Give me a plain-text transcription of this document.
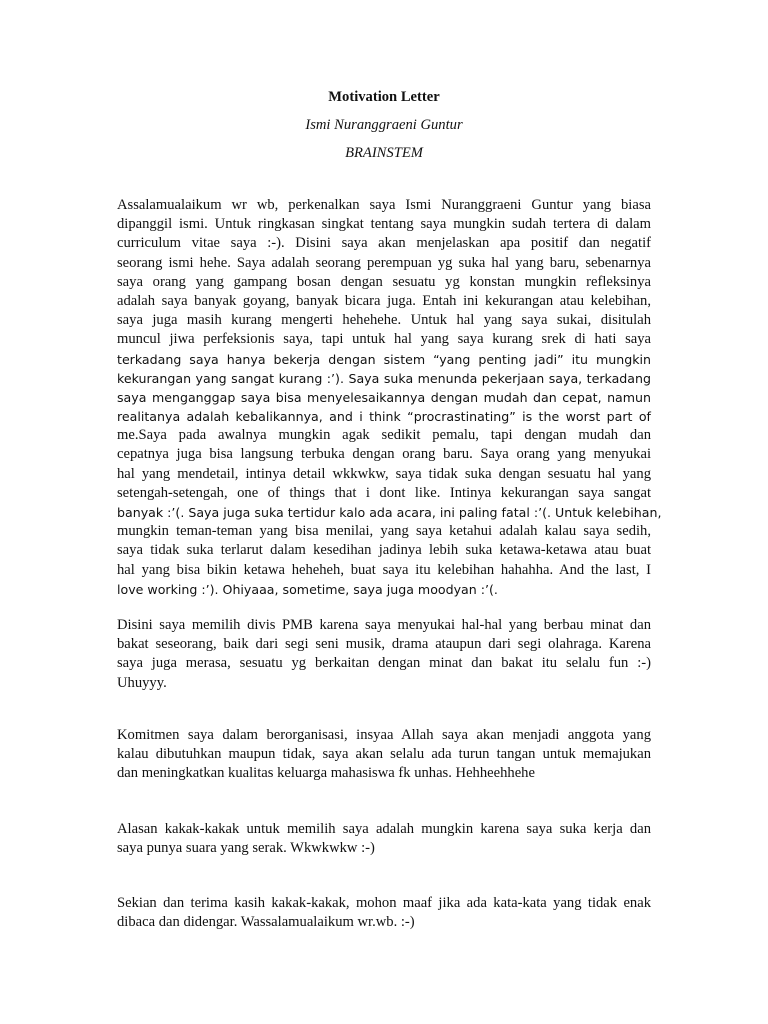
Motivation Letter
Ismi Nuranggraeni Guntur
BRAINSTEM
Assalamualaikum wr wb, perkenalkan saya Ismi Nuranggraeni Guntur yang biasa
dipanggil ismi. Untuk ringkasan singkat tentang saya mungkin sudah tertera di dalam
curriculum vitae saya :-). Disini saya akan menjelaskan apa positif dan negatif
seorang ismi hehe. Saya adalah seorang perempuan yg suka hal yang baru, sebenarnya
saya orang yang gampang bosan dengan sesuatu yg konstan mungkin refleksinya
adalah saya banyak goyang, banyak bicara juga. Entah ini kekurangan atau kelebihan,
saya juga masih kurang mengerti hehehehe. Untuk hal yang saya sukai, disitulah
muncul jiwa perfeksionis saya, tapi untuk hal yang saya kurang srek di hati saya
terkadang saya hanya bekerja dengan sistem “yang penting jadi” itu mungkin
kekurangan yang sangat kurang :’). Saya suka menunda pekerjaan saya, terkadang
saya menganggap saya bisa menyelesaikannya dengan mudah dan cepat, namun
realitanya adalah kebalikannya, and i think “procrastinating” is the worst part of
me.Saya pada awalnya mungkin agak sedikit pemalu, tapi dengan mudah dan
cepatnya juga bisa langsung terbuka dengan orang baru. Saya orang yang menyukai
hal yang mendetail, intinya detail wkkwkw, saya tidak suka dengan sesuatu hal yang
setengah-setengah, one of things that i dont like. Intinya kekurangan saya sangat
banyak :’(. Saya juga suka tertidur kalo ada acara, ini paling fatal :’(. Untuk kelebihan,
mungkin teman-teman yang bisa menilai, yang saya ketahui adalah kalau saya sedih,
saya tidak suka terlarut dalam kesedihan jadinya lebih suka ketawa-ketawa atau buat
hal yang bisa bikin ketawa heheheh, buat saya itu kelebihan hahahha. And the last, I
love working :’). Ohiyaaa, sometime, saya juga moodyan :’(.
Disini saya memilih divis PMB karena saya menyukai hal-hal yang berbau minat dan
bakat seseorang, baik dari segi seni musik, drama ataupun dari segi olahraga. Karena
saya juga merasa, sesuatu yg berkaitan dengan minat dan bakat itu selalu fun :-)
Uhuyyy.
Komitmen saya dalam berorganisasi, insyaa Allah saya akan menjadi anggota yang
kalau dibutuhkan maupun tidak, saya akan selalu ada turun tangan untuk memajukan
dan meningkatkan kualitas keluarga mahasiswa fk unhas. Hehheehhehe
Alasan kakak-kakak untuk memilih saya adalah mungkin karena saya suka kerja dan
saya punya suara yang serak. Wkwkwkw :-)
Sekian dan terima kasih kakak-kakak, mohon maaf jika ada kata-kata yang tidak enak
dibaca dan didengar. Wassalamualaikum wr.wb. :-)
